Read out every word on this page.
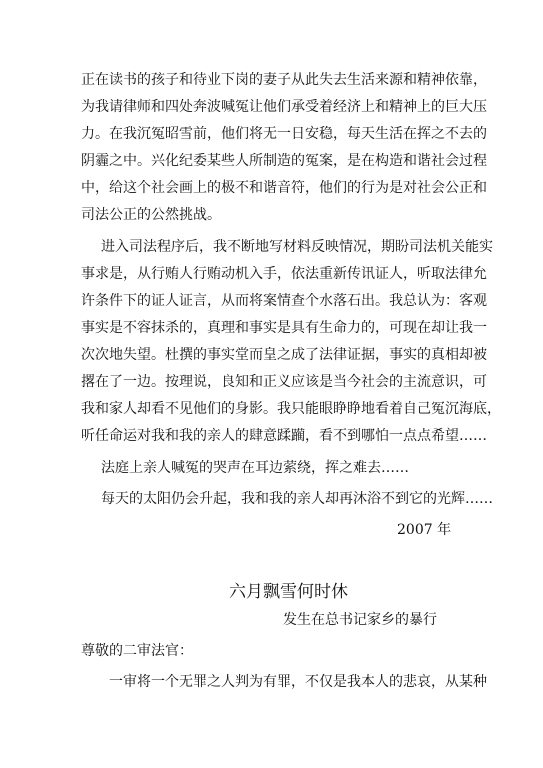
正在读书的孩子和待业下岗的妻子从此失去生活来源和精神依靠，
为我请律师和四处奔波喊冤让他们承受着经济上和精神上的巨大压
力。在我沉冤昭雪前，他们将无一日安稳，每天生活在挥之不去的
阴霾之中。兴化纪委某些人所制造的冤案，是在构造和谐社会过程
中，给这个社会画上的极不和谐音符，他们的行为是对社会公正和
司法公正的公然挑战。
进入司法程序后，我不断地写材料反映情况，期盼司法机关能实
事求是，从行贿人行贿动机入手，依法重新传讯证人，听取法律允
许条件下的证人证言，从而将案情查个水落石出。我总认为：客观
事实是不容抹杀的，真理和事实是具有生命力的，可现在却让我一
次次地失望。杜撰的事实堂而皇之成了法律证据，事实的真相却被
撂在了一边。按理说，良知和正义应该是当今社会的主流意识，可
我和家人却看不见他们的身影。我只能眼睁睁地看着自己冤沉海底，
听任命运对我和我的亲人的肆意蹂躏，看不到哪怕一点点希望……
法庭上亲人喊冤的哭声在耳边萦绕，挥之难去……
每天的太阳仍会升起，我和我的亲人却再沐浴不到它的光辉……
2007 年
六月飘雪何时休
发生在总书记家乡的暴行
尊敬的二审法官：
一审将一个无罪之人判为有罪，不仅是我本人的悲哀，从某种
